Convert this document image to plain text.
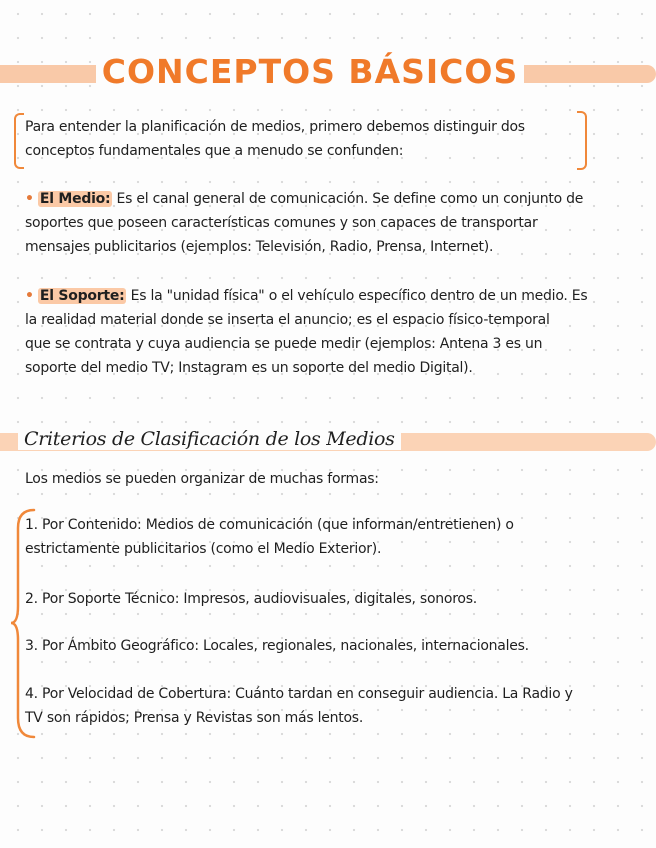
CONCEPTOS BÁSICOS
Para entender la planificación de medios, primero debemos distinguir dos
conceptos fundamentales que a menudo se confunden:
• El Medio: Es el canal general de comunicación. Se define como un conjunto de
soportes que poseen características comunes y son capaces de transportar
mensajes publicitarios (ejemplos: Televisión, Radio, Prensa, Internet).
• El Soporte: Es la "unidad física" o el vehículo específico dentro de un medio. Es
la realidad material donde se inserta el anuncio; es el espacio físico-temporal
que se contrata y cuya audiencia se puede medir (ejemplos: Antena 3 es un
soporte del medio TV; Instagram es un soporte del medio Digital).
Criterios de Clasificación de los Medios
Los medios se pueden organizar de muchas formas:
1. Por Contenido: Medios de comunicación (que informan/entretienen) o
estrictamente publicitarios (como el Medio Exterior).
2. Por Soporte Técnico: Impresos, audiovisuales, digitales, sonoros.
3. Por Ámbito Geográfico: Locales, regionales, nacionales, internacionales.
4. Por Velocidad de Cobertura: Cuánto tardan en conseguir audiencia. La Radio y
TV son rápidos; Prensa y Revistas son más lentos.
